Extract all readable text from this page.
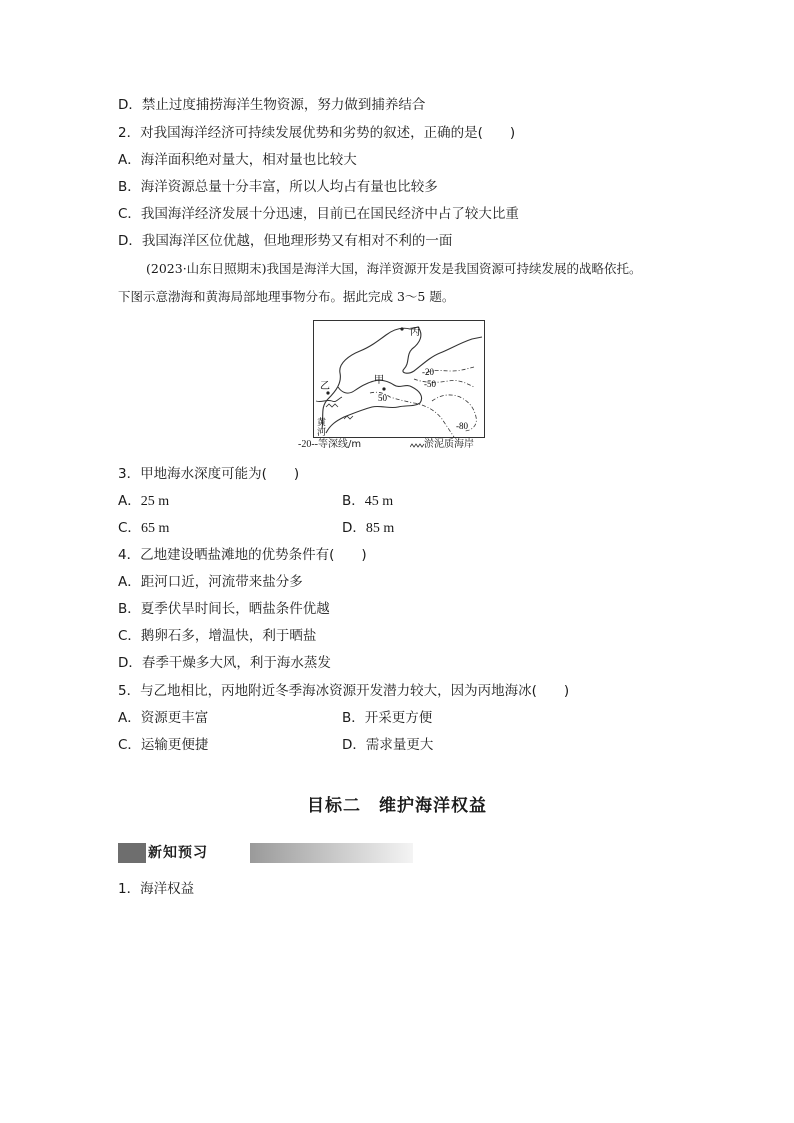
D．禁止过度捕捞海洋生物资源，努力做到捕养结合
2．对我国海洋经济可持续发展优势和劣势的叙述，正确的是(　　)
A．海洋面积绝对量大，相对量也比较大
B．海洋资源总量十分丰富，所以人均占有量也比较多
C．我国海洋经济发展十分迅速，目前已在国民经济中占了较大比重
D．我国海洋区位优越，但地理形势又有相对不利的一面
(2023·山东日照期末)我国是海洋大国，海洋资源开发是我国资源可持续发展的战略依托。
下图示意渤海和黄海局部地理事物分布。据此完成 3～5 题。
丙
甲
乙
黄
河
-20
-50
50
-80
-20--等深线/m	淤泥质海岸
3．甲地海水深度可能为(　　)
A．25 m	B．45 m
C．65 m	D．85 m
4．乙地建设晒盐滩地的优势条件有(　　)
A．距河口近，河流带来盐分多
B．夏季伏旱时间长，晒盐条件优越
C．鹅卵石多，增温快，利于晒盐
D．春季干燥多大风，利于海水蒸发
5．与乙地相比，丙地附近冬季海冰资源开发潜力较大，因为丙地海冰(　　)
A．资源更丰富	B．开采更方便
C．运输更便捷	D．需求量更大
目标二　维护海洋权益
新知预习
1．海洋权益
